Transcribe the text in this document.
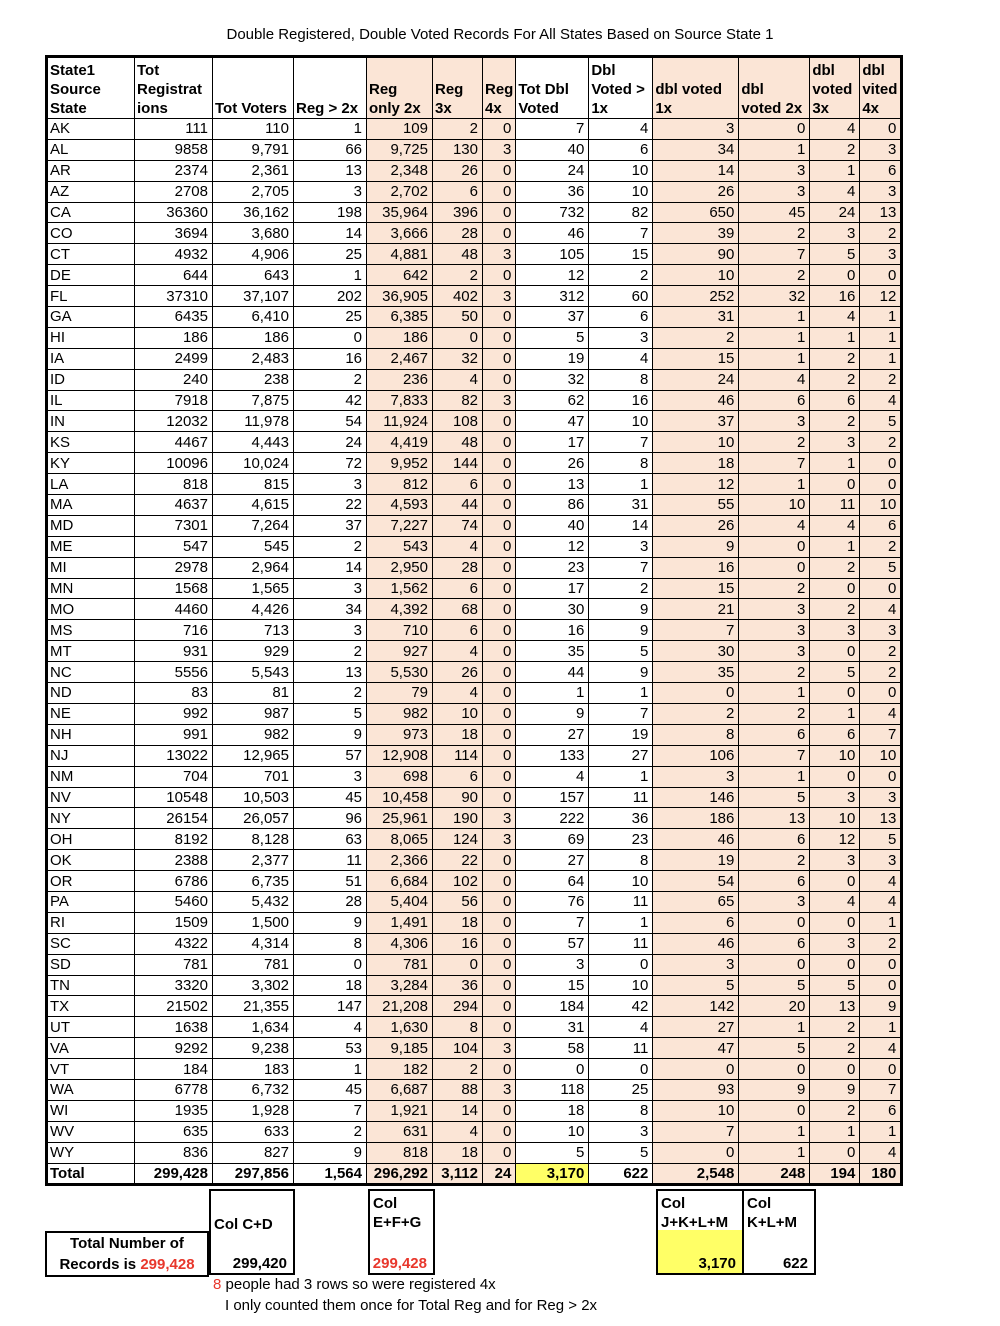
Double Registered, Double Voted Records For All States Based on Source State 1
State1 Source State	Tot Registrat ions	Tot Voters	Reg > 2x	Reg only 2x	Reg 3x	Reg 4x	Tot Dbl Voted	Dbl Voted > 1x	dbl voted 1x	dbl voted 2x	dbl voted 3x	dbl vited 4x
AK	111	110	1	109	2	0	7	4	3	0	4	0
AL	9858	9,791	66	9,725	130	3	40	6	34	1	2	3
AR	2374	2,361	13	2,348	26	0	24	10	14	3	1	6
AZ	2708	2,705	3	2,702	6	0	36	10	26	3	4	3
CA	36360	36,162	198	35,964	396	0	732	82	650	45	24	13
CO	3694	3,680	14	3,666	28	0	46	7	39	2	3	2
CT	4932	4,906	25	4,881	48	3	105	15	90	7	5	3
DE	644	643	1	642	2	0	12	2	10	2	0	0
FL	37310	37,107	202	36,905	402	3	312	60	252	32	16	12
GA	6435	6,410	25	6,385	50	0	37	6	31	1	4	1
HI	186	186	0	186	0	0	5	3	2	1	1	1
IA	2499	2,483	16	2,467	32	0	19	4	15	1	2	1
ID	240	238	2	236	4	0	32	8	24	4	2	2
IL	7918	7,875	42	7,833	82	3	62	16	46	6	6	4
IN	12032	11,978	54	11,924	108	0	47	10	37	3	2	5
KS	4467	4,443	24	4,419	48	0	17	7	10	2	3	2
KY	10096	10,024	72	9,952	144	0	26	8	18	7	1	0
LA	818	815	3	812	6	0	13	1	12	1	0	0
MA	4637	4,615	22	4,593	44	0	86	31	55	10	11	10
MD	7301	7,264	37	7,227	74	0	40	14	26	4	4	6
ME	547	545	2	543	4	0	12	3	9	0	1	2
MI	2978	2,964	14	2,950	28	0	23	7	16	0	2	5
MN	1568	1,565	3	1,562	6	0	17	2	15	2	0	0
MO	4460	4,426	34	4,392	68	0	30	9	21	3	2	4
MS	716	713	3	710	6	0	16	9	7	3	3	3
MT	931	929	2	927	4	0	35	5	30	3	0	2
NC	5556	5,543	13	5,530	26	0	44	9	35	2	5	2
ND	83	81	2	79	4	0	1	1	0	1	0	0
NE	992	987	5	982	10	0	9	7	2	2	1	4
NH	991	982	9	973	18	0	27	19	8	6	6	7
NJ	13022	12,965	57	12,908	114	0	133	27	106	7	10	10
NM	704	701	3	698	6	0	4	1	3	1	0	0
NV	10548	10,503	45	10,458	90	0	157	11	146	5	3	3
NY	26154	26,057	96	25,961	190	3	222	36	186	13	10	13
OH	8192	8,128	63	8,065	124	3	69	23	46	6	12	5
OK	2388	2,377	11	2,366	22	0	27	8	19	2	3	3
OR	6786	6,735	51	6,684	102	0	64	10	54	6	0	4
PA	5460	5,432	28	5,404	56	0	76	11	65	3	4	4
RI	1509	1,500	9	1,491	18	0	7	1	6	0	0	1
SC	4322	4,314	8	4,306	16	0	57	11	46	6	3	2
SD	781	781	0	781	0	0	3	0	3	0	0	0
TN	3320	3,302	18	3,284	36	0	15	10	5	5	5	0
TX	21502	21,355	147	21,208	294	0	184	42	142	20	13	9
UT	1638	1,634	4	1,630	8	0	31	4	27	1	2	1
VA	9292	9,238	53	9,185	104	3	58	11	47	5	2	4
VT	184	183	1	182	2	0	0	0	0	0	0	0
WA	6778	6,732	45	6,687	88	3	118	25	93	9	9	7
WI	1935	1,928	7	1,921	14	0	18	8	10	0	2	6
WV	635	633	2	631	4	0	10	3	7	1	1	1
WY	836	827	9	818	18	0	5	5	0	1	0	4
Total	299,428	297,856	1,564	296,292	3,112	24	3,170	622	2,548	248	194	180
Col C+D
299,420
Col E+F+G
299,428
Col J+K+L+M
3,170
Col K+L+M
622
Total Number of
Records is 299,428
8 people had 3 rows so were registered 4x
I only counted them once for Total Reg and for Reg > 2x
